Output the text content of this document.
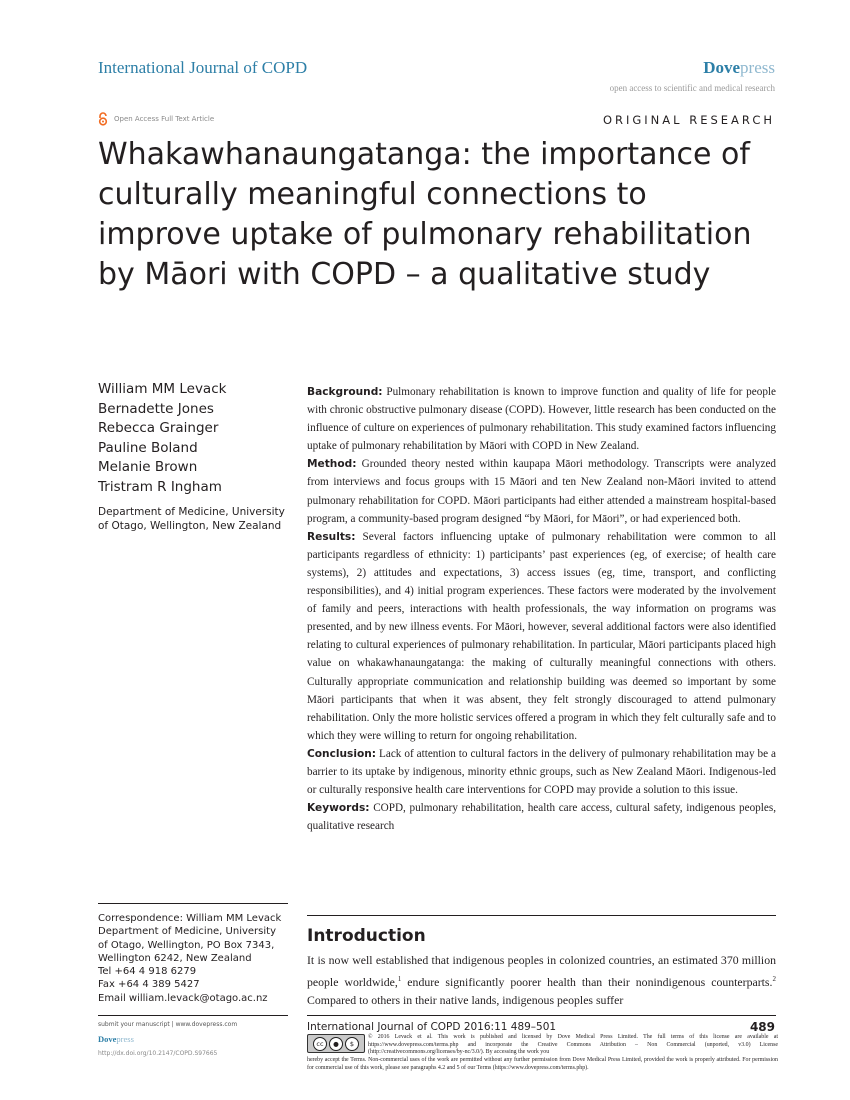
International Journal of COPD	Dovepress
open access to scientific and medical research
Open Access Full Text Article	ORIGINAL RESEARCH
Whakawhanaungatanga: the importance of culturally meaningful connections to improve uptake of pulmonary rehabilitation by Māori with COPD – a qualitative study
William MM Levack
Bernadette Jones
Rebecca Grainger
Pauline Boland
Melanie Brown
Tristram R Ingham
Department of Medicine, University of Otago, Wellington, New Zealand

Background: Pulmonary rehabilitation is known to improve function and quality of life for people with chronic obstructive pulmonary disease (COPD). However, little research has been conducted on the influence of culture on experiences of pulmonary rehabilitation. This study examined factors influencing uptake of pulmonary rehabilitation by Māori with COPD in New Zealand.

Method: Grounded theory nested within kaupapa Māori methodology. Transcripts were analyzed from interviews and focus groups with 15 Māori and ten New Zealand non-Māori invited to attend pulmonary rehabilitation for COPD. Māori participants had either attended a mainstream hospital-based program, a community-based program designed “by Māori, for Māori”, or had experienced both.

Results: Several factors influencing uptake of pulmonary rehabilitation were common to all participants regardless of ethnicity: 1) participants’ past experiences (eg, of exercise; of health care systems), 2) attitudes and expectations, 3) access issues (eg, time, transport, and conflicting responsibilities), and 4) initial program experiences. These factors were moderated by the involvement of family and peers, interactions with health professionals, the way information on programs was presented, and by new illness events. For Māori, however, several additional factors were also identified relating to cultural experiences of pulmonary rehabilitation. In particular, Māori participants placed high value on whakawhanaungatanga: the making of culturally meaningful connections with others. Culturally appropriate communication and relationship building was deemed so important by some Māori participants that when it was absent, they felt strongly discouraged to attend pulmonary rehabilitation. Only the more holistic services offered a program in which they felt culturally safe and to which they were willing to return for ongoing rehabilitation.

Conclusion: Lack of attention to cultural factors in the delivery of pulmonary rehabilitation may be a barrier to its uptake by indigenous, minority ethnic groups, such as New Zealand Māori. Indigenous-led or culturally responsive health care interventions for COPD may provide a solution to this issue.

Keywords: COPD, pulmonary rehabilitation, health care access, cultural safety, indigenous peoples, qualitative research

Correspondence: William MM Levack
Department of Medicine, University
of Otago, Wellington, PO Box 7343,
Wellington 6242, New Zealand
Tel +64 4 918 6279
Fax +64 4 389 5427
Email william.levack@otago.ac.nz
Introduction

It is now well established that indigenous peoples in colonized countries, an estimated 370 million people worldwide,$^1$ endure significantly poorer health than their nonindigenous counterparts.$^2$ Compared to others in their native lands, indigenous peoples suffer

submit your manuscript | www.dovepress.com
Dovepress
http://dx.doi.org/10.2147/COPD.S97665
International Journal of COPD 2016:11 489–501	489
cc	●	$
© 2016 Levack et al. This work is published and licensed by Dove Medical Press Limited. The full terms of this license are available at https://www.dovepress.com/terms.php and incorporate the Creative Commons Attribution – Non Commercial (unported, v3.0) License (http://creativecommons.org/licenses/by-nc/3.0/). By accessing the work you
hereby accept the Terms. Non-commercial uses of the work are permitted without any further permission from Dove Medical Press Limited, provided the work is properly attributed. For permission for commercial use of this work, please see paragraphs 4.2 and 5 of our Terms (https://www.dovepress.com/terms.php).
